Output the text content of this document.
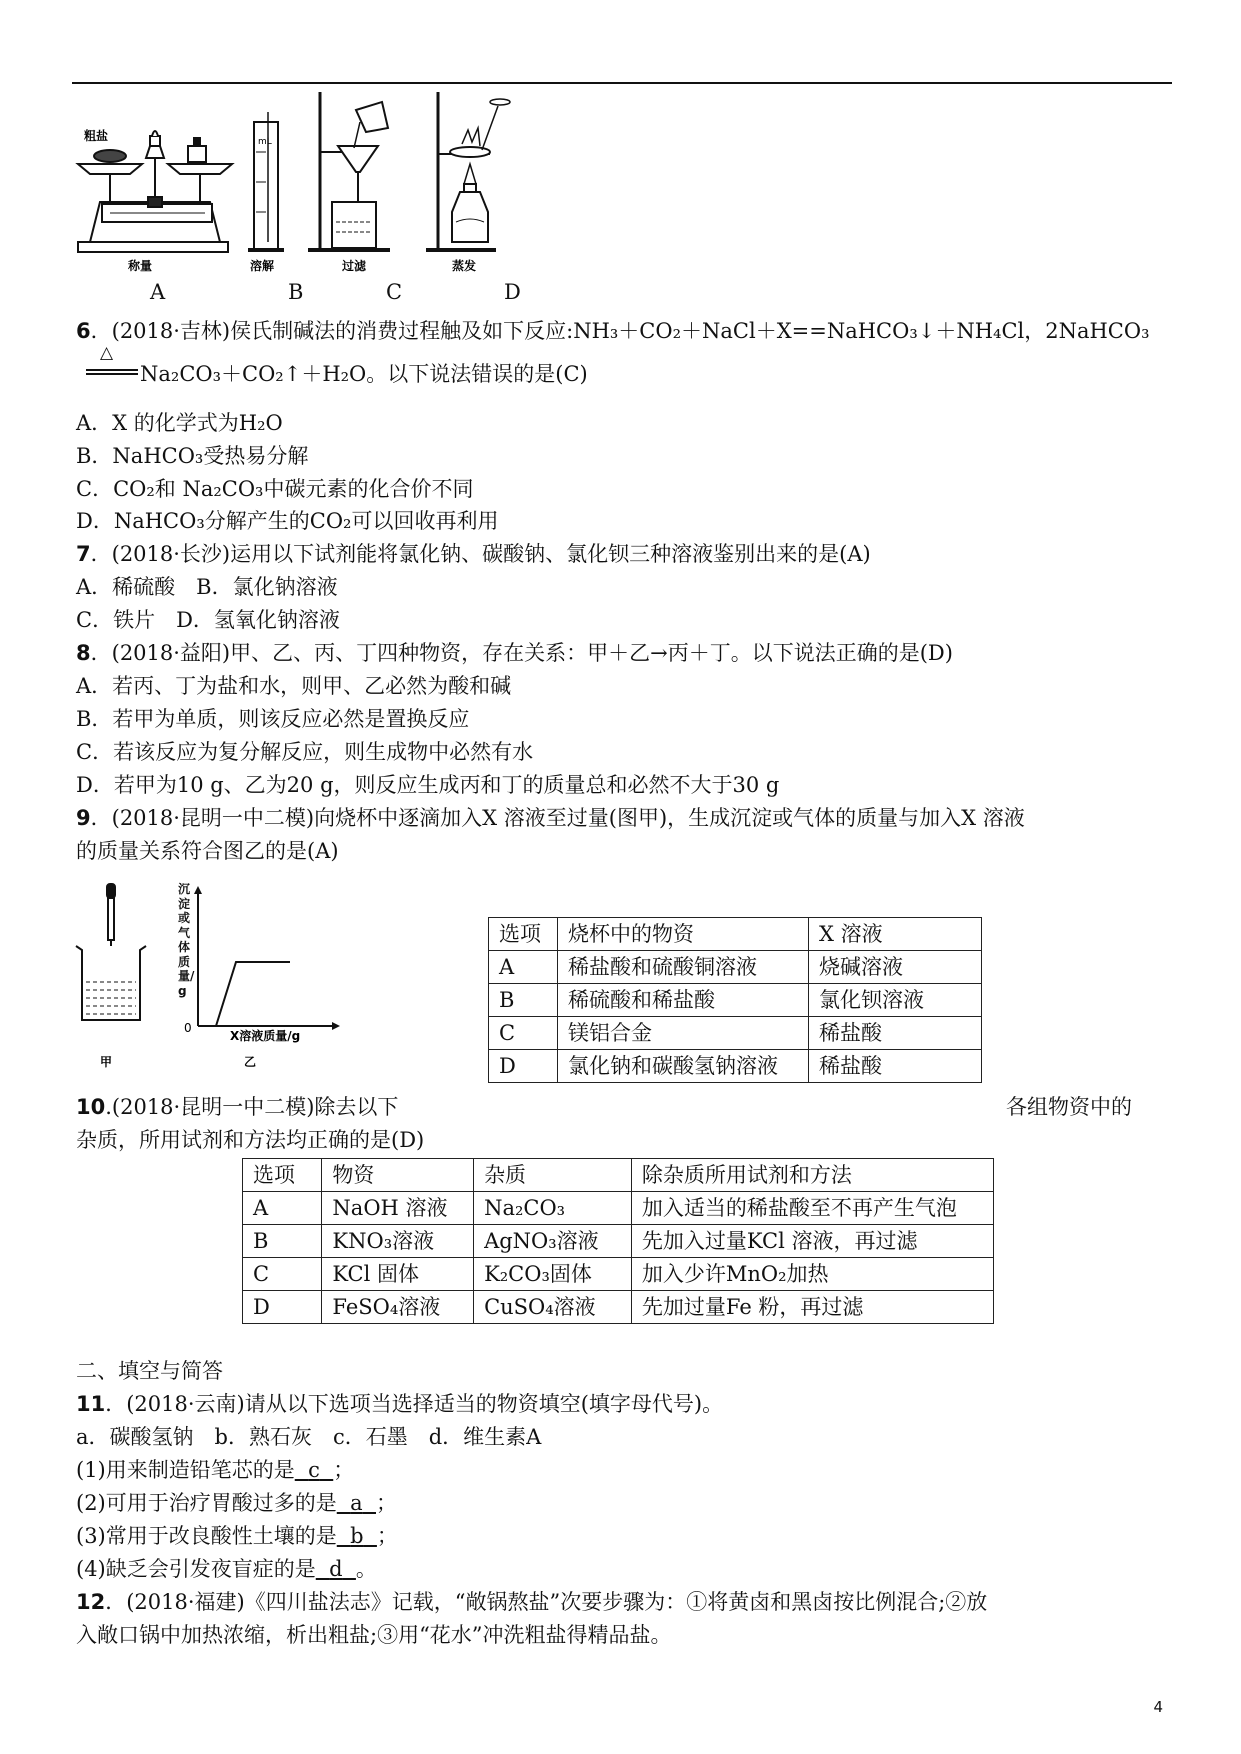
粗盐	mL
称量	溶解	过滤	蒸发
A	B	C	D
6．(2018·吉林)侯氏制碱法的消费过程触及如下反应:NH₃＋CO₂＋NaCl＋X==NaHCO₃↓＋NH₄Cl，2NaHCO₃
△
Na₂CO₃＋CO₂↑＋H₂O。以下说法错误的是(C)
A．X 的化学式为H₂O
B．NaHCO₃受热易分解
C．CO₂和 Na₂CO₃中碳元素的化合价不同
D．NaHCO₃分解产生的CO₂可以回收再利用
7．(2018·长沙)运用以下试剂能将氯化钠、碳酸钠、氯化钡三种溶液鉴别出来的是(A)
A．稀硫酸　B．氯化钠溶液
C．铁片　D．氢氧化钠溶液
8．(2018·益阳)甲、乙、丙、丁四种物资，存在关系：甲＋乙→丙＋丁。以下说法正确的是(D)
A．若丙、丁为盐和水，则甲、乙必然为酸和碱
B．若甲为单质，则该反应必然是置换反应
C．若该反应为复分解反应，则生成物中必然有水
D．若甲为10 g、乙为20 g，则反应生成丙和丁的质量总和必然不大于30 g
9．(2018·昆明一中二模)向烧杯中逐滴加入X 溶液至过量(图甲)，生成沉淀或气体的质量与加入X 溶液
的质量关系符合图乙的是(A)
甲
0
X溶液质量/g
乙
沉淀或气体质量/g
选项	烧杯中的物资	X 溶液
A	稀盐酸和硫酸铜溶液	烧碱溶液
B	稀硫酸和稀盐酸	氯化钡溶液
C	镁铝合金	稀盐酸
D	氯化钠和碳酸氢钠溶液	稀盐酸
10.(2018·昆明一中二模)除去以下	各组物资中的
杂质，所用试剂和方法均正确的是(D)
选项	物资	杂质	除杂质所用试剂和方法
A	NaOH 溶液	Na₂CO₃	加入适当的稀盐酸至不再产生气泡
B	KNO₃溶液	AgNO₃溶液	先加入过量KCl 溶液，再过滤
C	KCl 固体	K₂CO₃固体	加入少许MnO₂加热
D	FeSO₄溶液	CuSO₄溶液	先加过量Fe 粉，再过滤
二、填空与简答
11．(2018·云南)请从以下选项当选择适当的物资填空(填字母代号)。
a．碳酸氢钠　b．熟石灰　c．石墨　d．维生素A
(1)用来制造铅笔芯的是 c ；
(2)可用于治疗胃酸过多的是 a ；
(3)常用于改良酸性土壤的是 b ；
(4)缺乏会引发夜盲症的是 d 。
12．(2018·福建)《四川盐法志》记载，“敞锅熬盐”次要步骤为：①将黄卤和黑卤按比例混合;②放
入敞口锅中加热浓缩，析出粗盐;③用“花水”冲洗粗盐得精品盐。
4
